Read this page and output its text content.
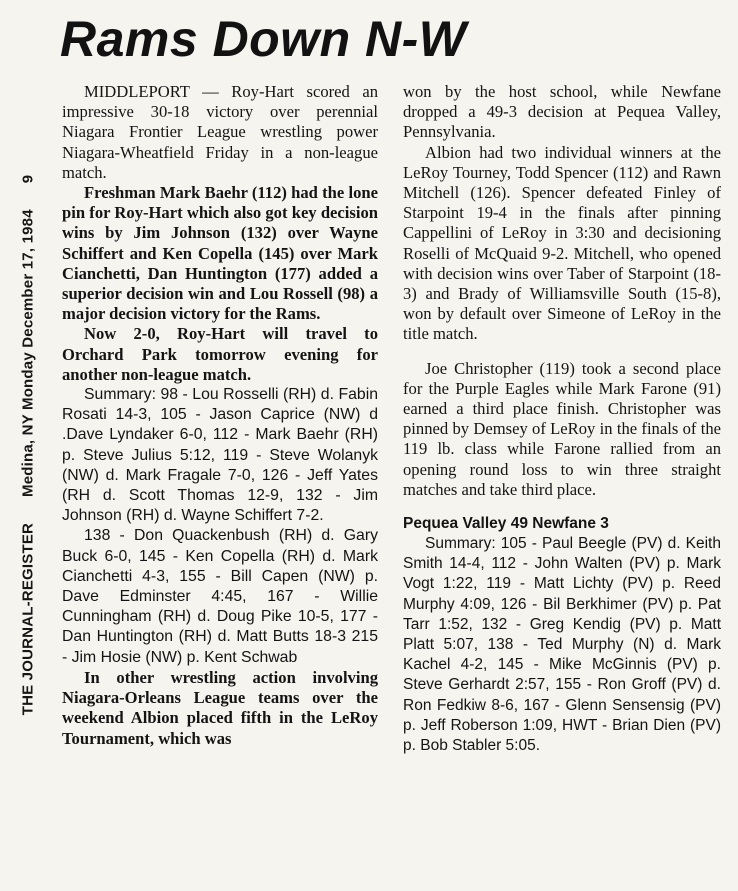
THE JOURNAL-REGISTERMedina, NY Monday December 17, 19849
Rams Down N-W

MIDDLEPORT — Roy-Hart scored an impressive 30-18 victory over perennial Niagara Frontier League wrestling power Niagara-Wheatfield Friday in a non-league match.

Freshman Mark Baehr (112) had the lone pin for Roy-Hart which also got key decision wins by Jim Johnson (132) over Wayne Schiffert and Ken Copella (145) over Mark Cianchetti, Dan Huntington (177) added a superior decision win and Lou Rossell (98) a major decision victory for the Rams.

Now 2-0, Roy-Hart will travel to Orchard Park tomorrow evening for another non-league match.

Summary: 98 - Lou Rosselli (RH) d. Fabin Rosati 14-3, 105 - Jason Caprice (NW) d .Dave Lyndaker 6-0, 112 - Mark Baehr (RH) p. Steve Julius 5:12, 119 - Steve Wolanyk (NW) d. Mark Fragale 7-0, 126 - Jeff Yates (RH d. Scott Thomas 12-9, 132 - Jim Johnson (RH) d. Wayne Schiffert 7-2.

138 - Don Quackenbush (RH) d. Gary Buck 6-0, 145 - Ken Copella (RH) d. Mark Cianchetti 4-3, 155 - Bill Capen (NW) p. Dave Edminster 4:45, 167 - Willie Cunningham (RH) d. Doug Pike 10-5, 177 - Dan Huntington (RH) d. Matt Butts 18-3 215 - Jim Hosie (NW) p. Kent Schwab

In other wrestling action involving Niagara-Orleans League teams over the weekend Albion placed fifth in the LeRoy Tournament, which was

won by the host school, while Newfane dropped a 49-3 decision at Pequea Valley, Pennsylvania.

Albion had two individual winners at the LeRoy Tourney, Todd Spencer (112) and Rawn Mitchell (126). Spencer defeated Finley of Starpoint 19-4 in the finals after pinning Cappellini of LeRoy in 3:30 and decisioning Roselli of McQuaid 9-2. Mitchell, who opened with decision wins over Taber of Starpoint (18-3) and Brady of Williamsville South (15-8), won by default over Simeone of LeRoy in the title match.

Joe Christopher (119) took a second place for the Purple Eagles while Mark Farone (91) earned a third place finish. Christopher was pinned by Demsey of LeRoy in the finals of the 119 lb. class while Farone rallied from an opening round loss to win three straight matches and take third place.

Pequea Valley 49 Newfane 3

Summary: 105 - Paul Beegle (PV) d. Keith Smith 14-4, 112 - John Walten (PV) p. Mark Vogt 1:22, 119 - Matt Lichty (PV) p. Reed Murphy 4:09, 126 - Bil Berkhimer (PV) p. Pat Tarr 1:52, 132 - Greg Kendig (PV) p. Matt Platt 5:07, 138 - Ted Murphy (N) d. Mark Kachel 4-2, 145 - Mike McGinnis (PV) p. Steve Gerhardt 2:57, 155 - Ron Groff (PV) d. Ron Fedkiw 8-6, 167 - Glenn Sensensig (PV) p. Jeff Roberson 1:09, HWT - Brian Dien (PV) p. Bob Stabler 5:05.
